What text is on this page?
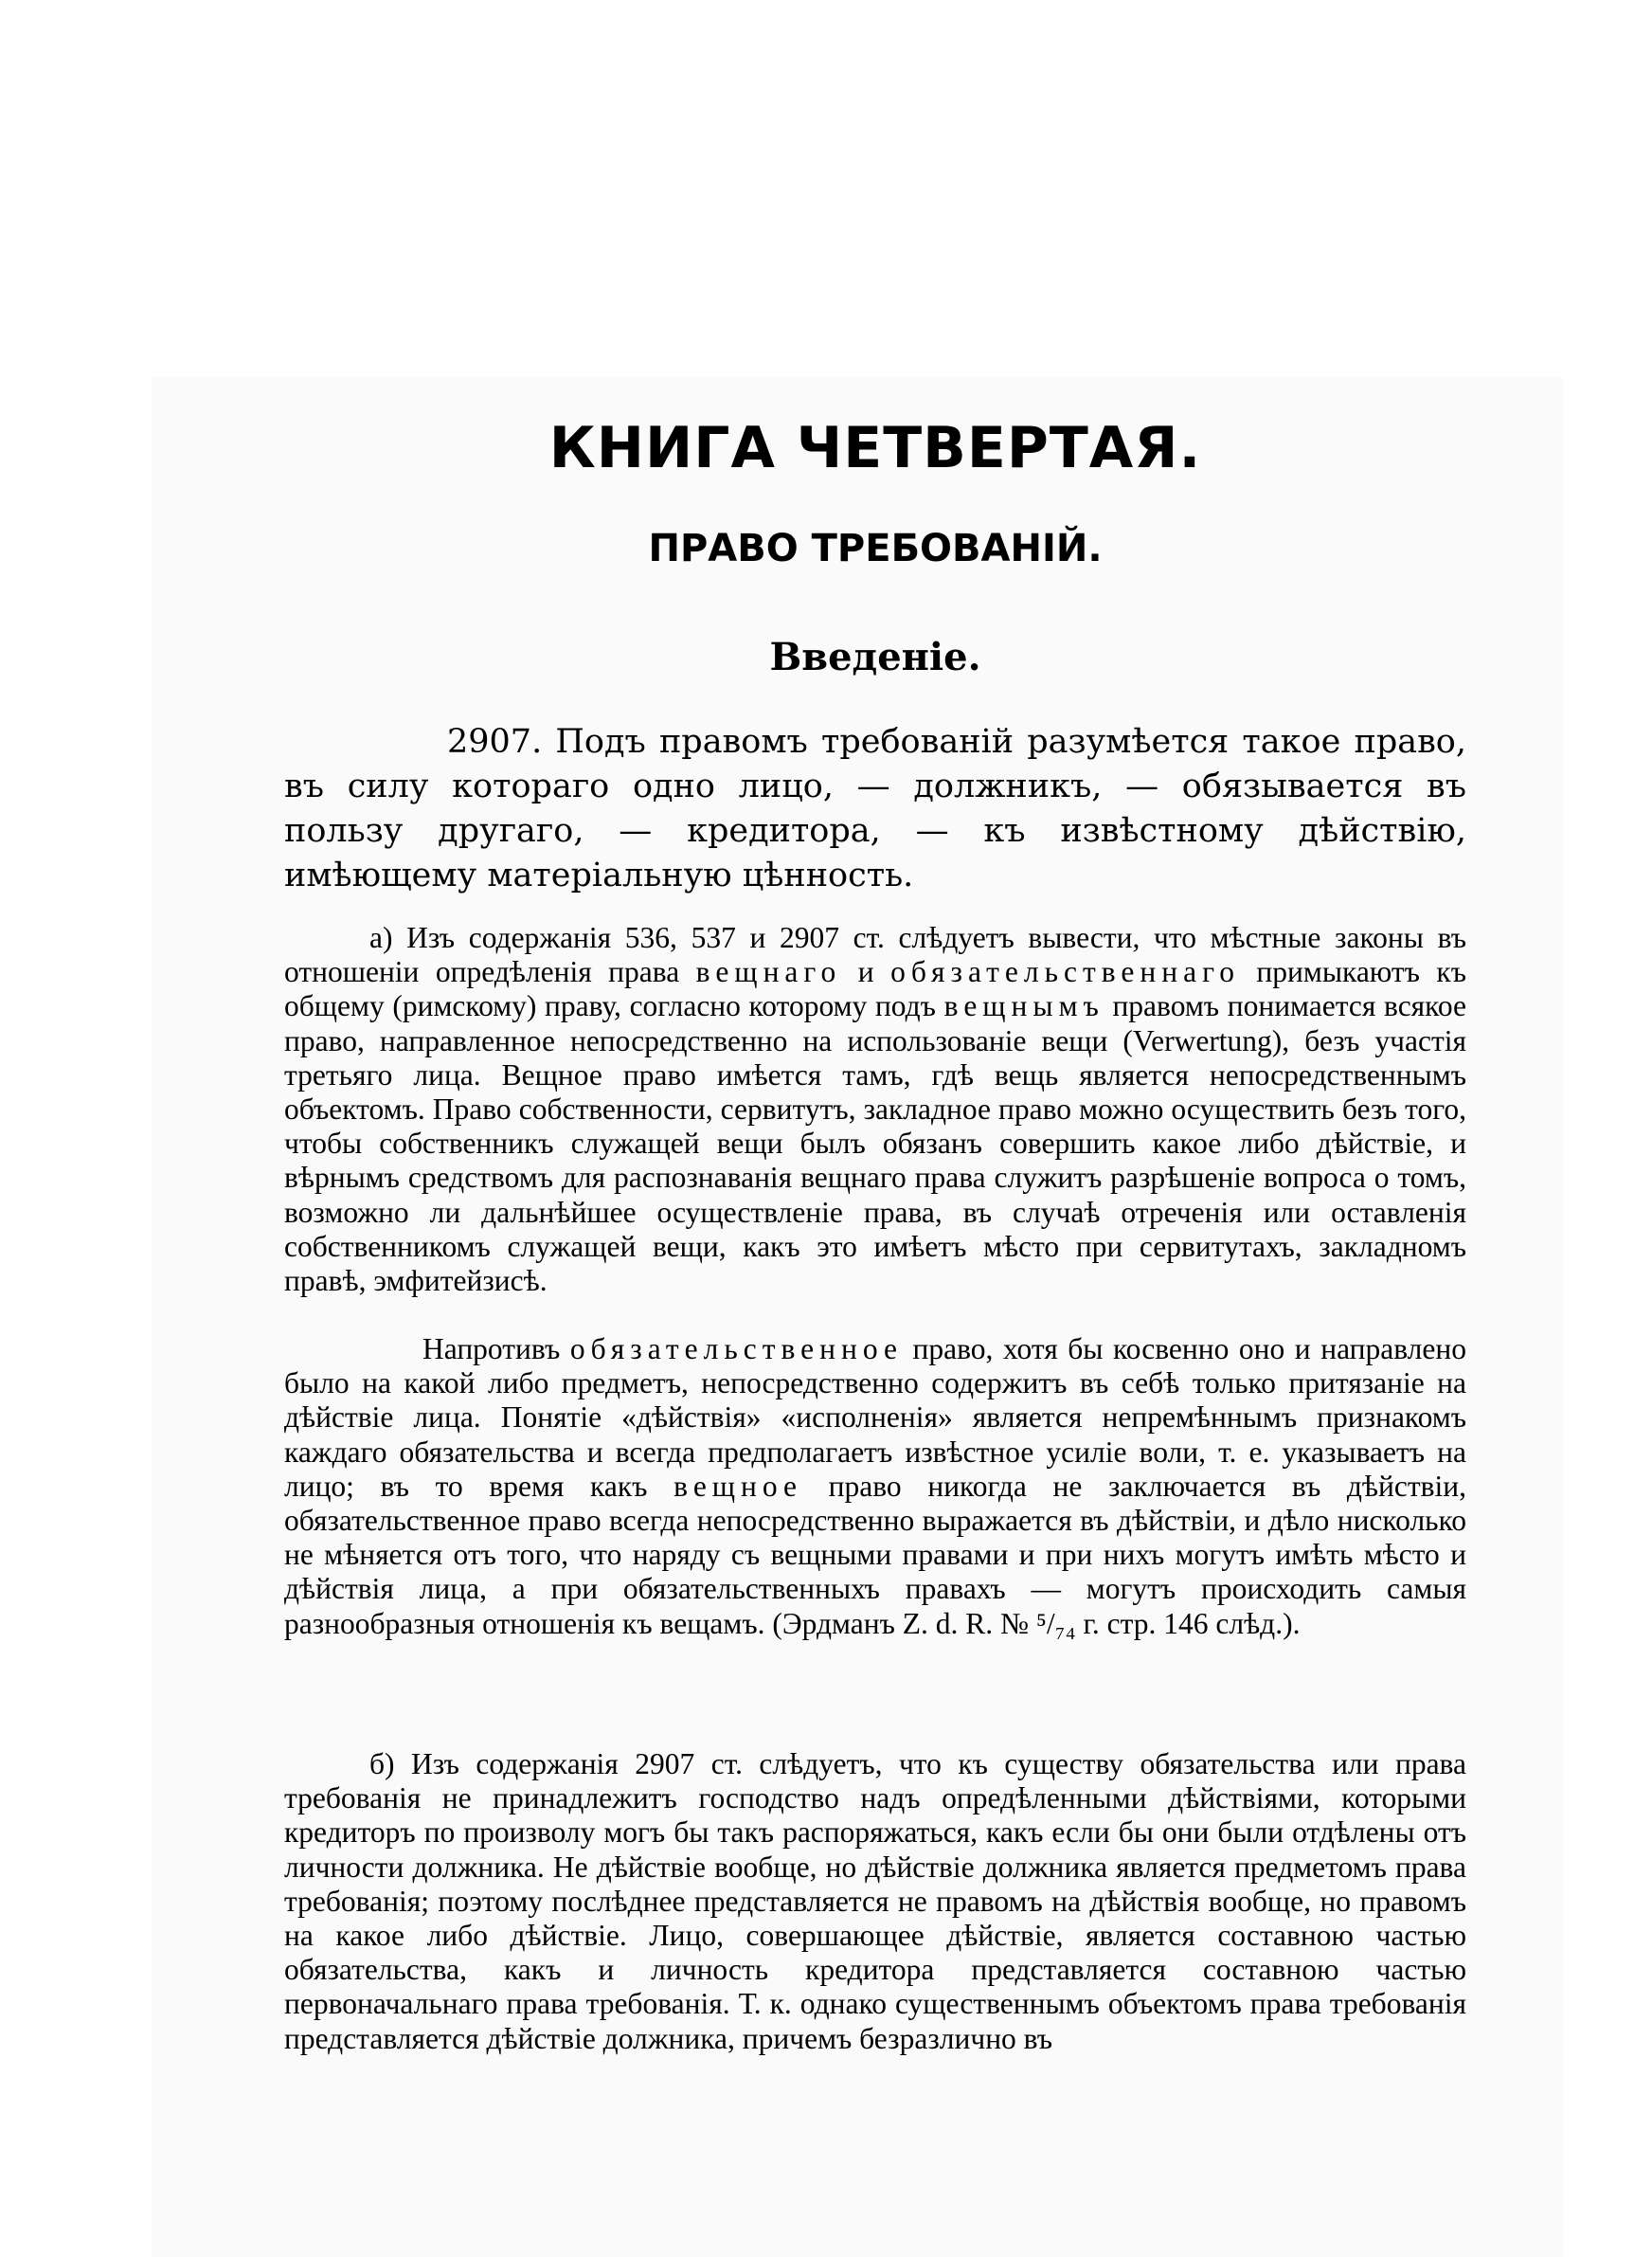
КНИГА ЧЕТВЕРТАЯ.
ПРАВО ТРЕБОВАНІЙ.
Введеніе.

2907. Подъ правомъ требованій разумѣется такое право, въ силу котораго одно лицо, — должникъ, — обязывается въ пользу другаго, — кредитора, — къ извѣстному дѣйствію, имѣющему матеріальную цѣнность.

а) Изъ содержанія 536, 537 и 2907 ст. слѣдуетъ вывести, что мѣстные законы въ отношеніи опредѣленія права вещнаго и обязательственнаго примыкаютъ къ общему (римскому) праву, согласно которому подъ вещнымъ правомъ понимается всякое право, направленное непосредственно на использованіе вещи (Verwertung), безъ участія третьяго лица. Вещное право имѣется тамъ, гдѣ вещь является непосредственнымъ объектомъ. Право собственности, сервитутъ, закладное право можно осуществить безъ того, чтобы собственникъ служащей вещи былъ обязанъ совершить какое либо дѣйствіе, и вѣрнымъ средствомъ для распознаванія вещнаго права служитъ разрѣшеніе вопроса о томъ, возможно ли дальнѣйшее осуществленіе права, въ случаѣ отреченія или оставленія собственникомъ служащей вещи, какъ это имѣетъ мѣсто при сервитутахъ, закладномъ правѣ, эмфитейзисѣ.

Напротивъ обязательственное право, хотя бы косвенно оно и направлено было на какой либо предметъ, непосредственно содержитъ въ себѣ только притязаніе на дѣйствіе лица. Понятіе «дѣйствія» «исполненія» является непремѣннымъ признакомъ каждаго обязательства и всегда предполагаетъ извѣстное усиліе воли, т. е. указываетъ на лицо; въ то время какъ вещное право никогда не заключается въ дѣйствіи, обязательственное право всегда непосредственно выражается въ дѣйствіи, и дѣло нисколько не мѣняется отъ того, что наряду съ вещными правами и при нихъ могутъ имѣть мѣсто и дѣйствія лица, а при обязательственныхъ правахъ — могутъ происходить самыя разнообразныя отношенія къ вещамъ. (Эрдманъ Z. d. R. № ⁵/₇₄ г. стр. 146 слѣд.).

б) Изъ содержанія 2907 ст. слѣдуетъ, что къ существу обязательства или права требованія не принадлежитъ господство надъ опредѣленными дѣйствіями, которыми кредиторъ по произволу могъ бы такъ распоряжаться, какъ если бы они были отдѣлены отъ личности должника. Не дѣйствіе вообще, но дѣйствіе должника является предметомъ права требованія; поэтому послѣднее представляется не правомъ на дѣйствія вообще, но правомъ на какое либо дѣйствіе. Лицо, совершающее дѣйствіе, является составною частью обязательства, какъ и личность кредитора представляется составною частью первоначальнаго права требованія. Т. к. однако существеннымъ объектомъ права требованія представляется дѣйствіе должника, причемъ безразлично въ
